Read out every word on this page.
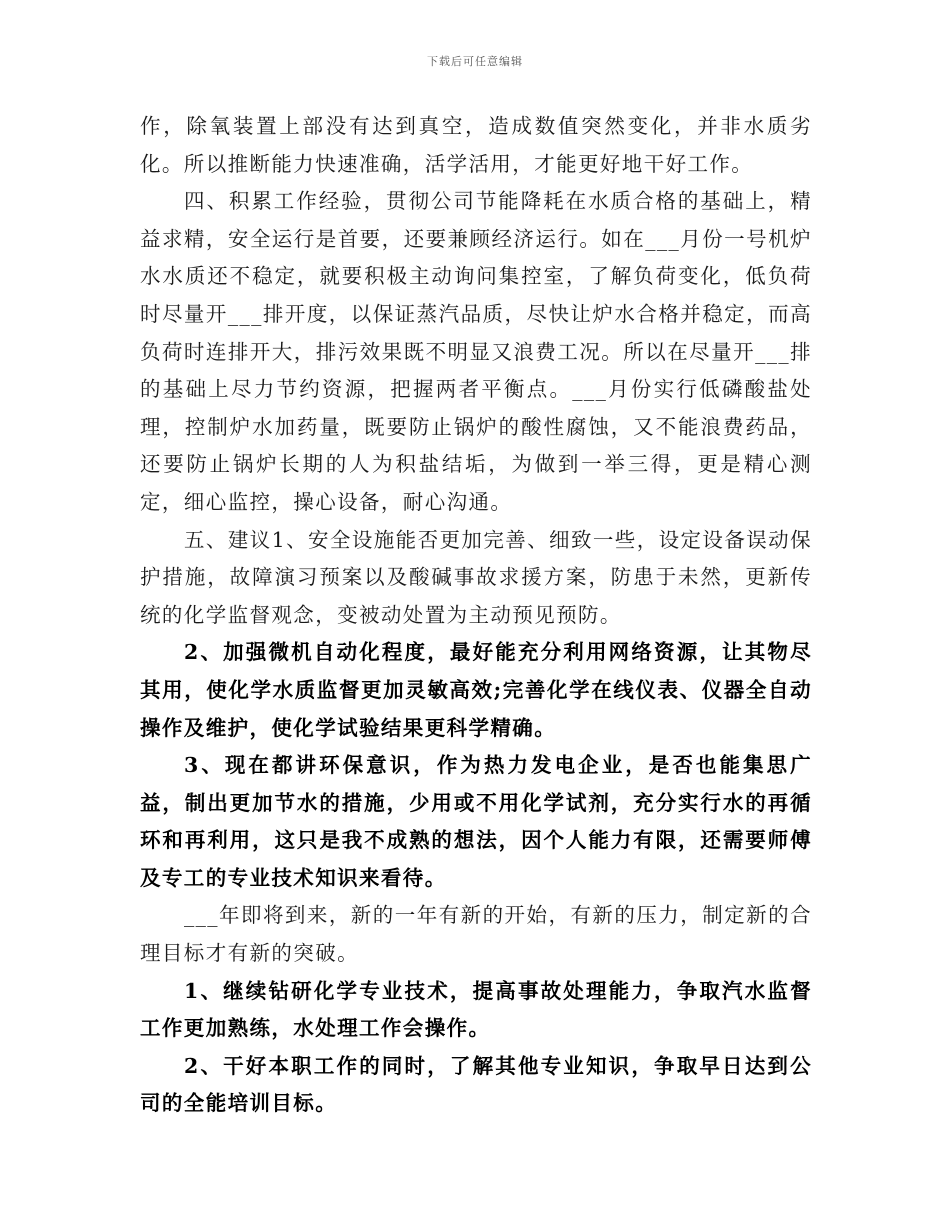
下载后可任意编辑

作，除氧装置上部没有达到真空，造成数值突然变化，并非水质劣化。所以推断能力快速准确，活学活用，才能更好地干好工作。

四、积累工作经验，贯彻公司节能降耗在水质合格的基础上，精益求精，安全运行是首要，还要兼顾经济运行。如在___月份一号机炉水水质还不稳定，就要积极主动询问集控室，了解负荷变化，低负荷时尽量开___排开度，以保证蒸汽品质，尽快让炉水合格并稳定，而高负荷时连排开大，排污效果既不明显又浪费工况。所以在尽量开___排的基础上尽力节约资源，把握两者平衡点。___月份实行低磷酸盐处理，控制炉水加药量，既要防止锅炉的酸性腐蚀，又不能浪费药品，还要防止锅炉长期的人为积盐结垢，为做到一举三得，更是精心测定，细心监控，操心设备，耐心沟通。

五、建议1、安全设施能否更加完善、细致一些，设定设备误动保护措施，故障演习预案以及酸碱事故求援方案，防患于未然，更新传统的化学监督观念，变被动处置为主动预见预防。

2、加强微机自动化程度，最好能充分利用网络资源，让其物尽其用，使化学水质监督更加灵敏高效;完善化学在线仪表、仪器全自动操作及维护，使化学试验结果更科学精确。

3、现在都讲环保意识，作为热力发电企业，是否也能集思广益，制出更加节水的措施，少用或不用化学试剂，充分实行水的再循环和再利用，这只是我不成熟的想法，因个人能力有限，还需要师傅及专工的专业技术知识来看待。

___年即将到来，新的一年有新的开始，有新的压力，制定新的合理目标才有新的突破。

1、继续钻研化学专业技术，提高事故处理能力，争取汽水监督工作更加熟练，水处理工作会操作。

2、干好本职工作的同时，了解其他专业知识，争取早日达到公司的全能培训目标。
